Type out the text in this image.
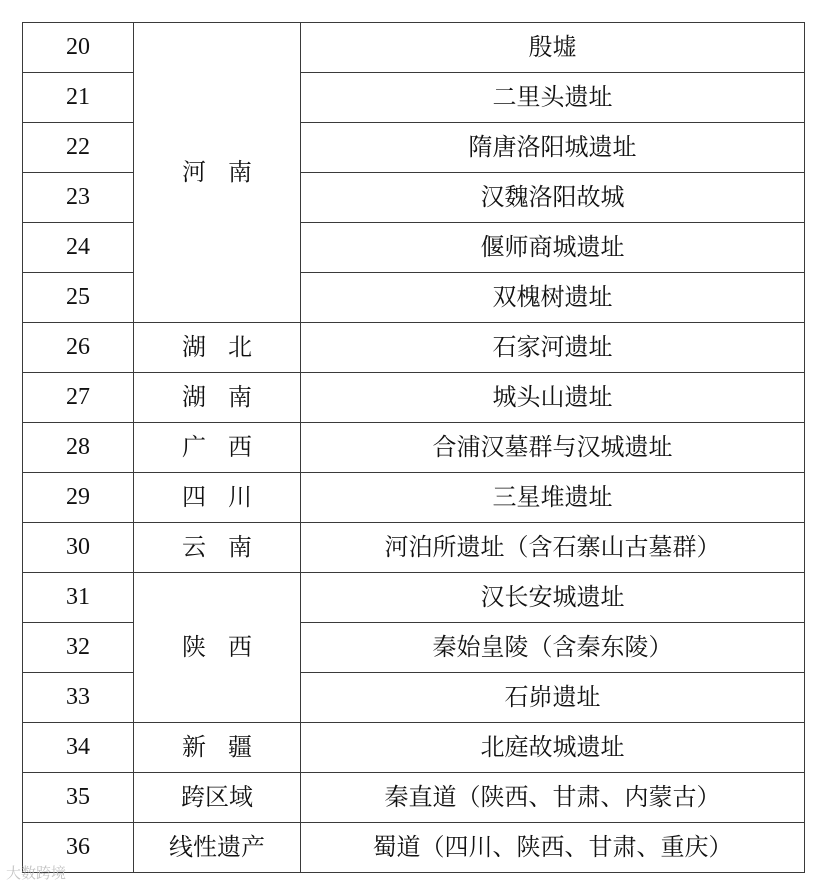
20	河南	殷墟
21		二里头遗址
22		隋唐洛阳城遗址
23		汉魏洛阳故城
24		偃师商城遗址
25		双槐树遗址
26	湖北	石家河遗址
27	湖南	城头山遗址
28	广西	合浦汉墓群与汉城遗址
29	四川	三星堆遗址
30	云南	河泊所遗址（含石寨山古墓群）
31	陕西	汉长安城遗址
32		秦始皇陵（含秦东陵）
33		石峁遗址
34	新疆	北庭故城遗址
35	跨区域	秦直道（陕西、甘肃、内蒙古）
36	线性遗产	蜀道（四川、陕西、甘肃、重庆）
大数跨境
